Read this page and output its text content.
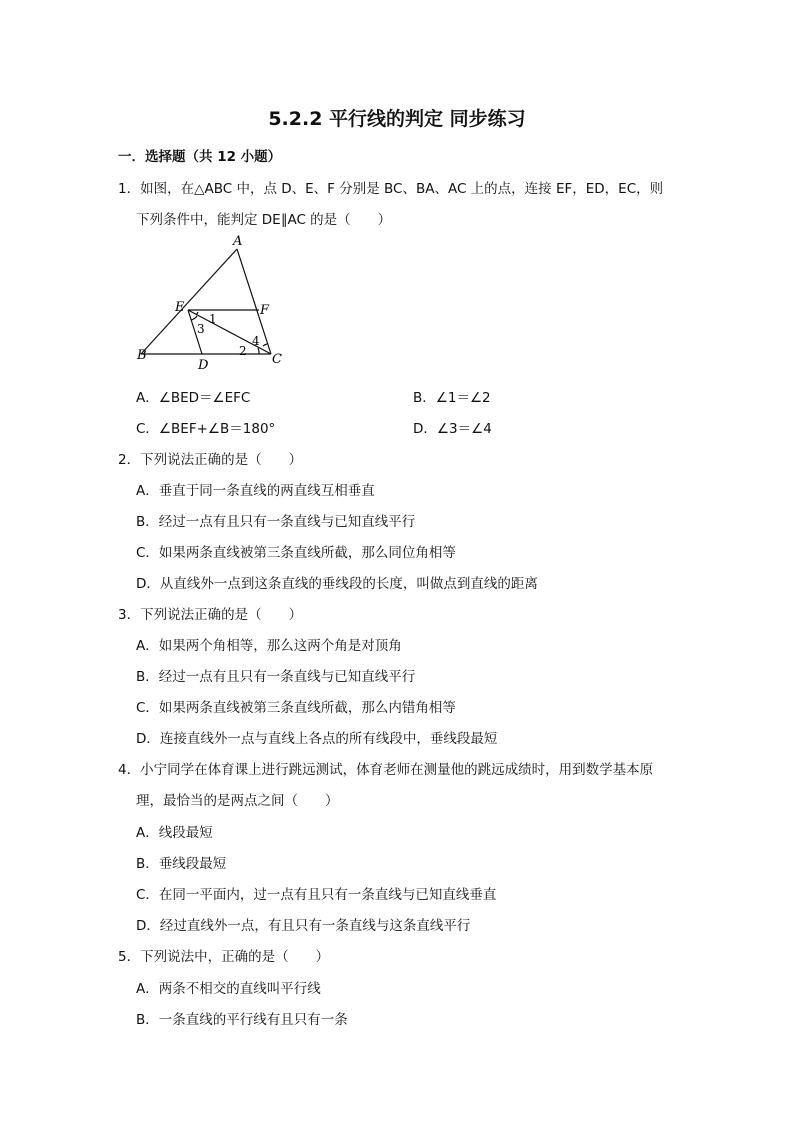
5.2.2 平行线的判定 同步练习
一．选择题（共 12 小题）
1．如图，在△ABC 中，点 D、E、F 分别是 BC、BA、AC 上的点，连接 EF，ED，EC，则
下列条件中，能判定 DE∥AC 的是（　　）
A
E	F
B
D	C
1
3
2
4
A．∠BED＝∠EFC	B．∠1＝∠2
C．∠BEF+∠B＝180°	D．∠3＝∠4
2．下列说法正确的是（　　）
A．垂直于同一条直线的两直线互相垂直
B．经过一点有且只有一条直线与已知直线平行
C．如果两条直线被第三条直线所截，那么同位角相等
D．从直线外一点到这条直线的垂线段的长度，叫做点到直线的距离
3．下列说法正确的是（　　）
A．如果两个角相等，那么这两个角是对顶角
B．经过一点有且只有一条直线与已知直线平行
C．如果两条直线被第三条直线所截，那么内错角相等
D．连接直线外一点与直线上各点的所有线段中，垂线段最短
4．小宁同学在体育课上进行跳远测试，体育老师在测量他的跳远成绩时，用到数学基本原
理，最恰当的是两点之间（　　）
A．线段最短
B．垂线段最短
C．在同一平面内，过一点有且只有一条直线与已知直线垂直
D．经过直线外一点，有且只有一条直线与这条直线平行
5．下列说法中，正确的是（　　）
A．两条不相交的直线叫平行线
B．一条直线的平行线有且只有一条
